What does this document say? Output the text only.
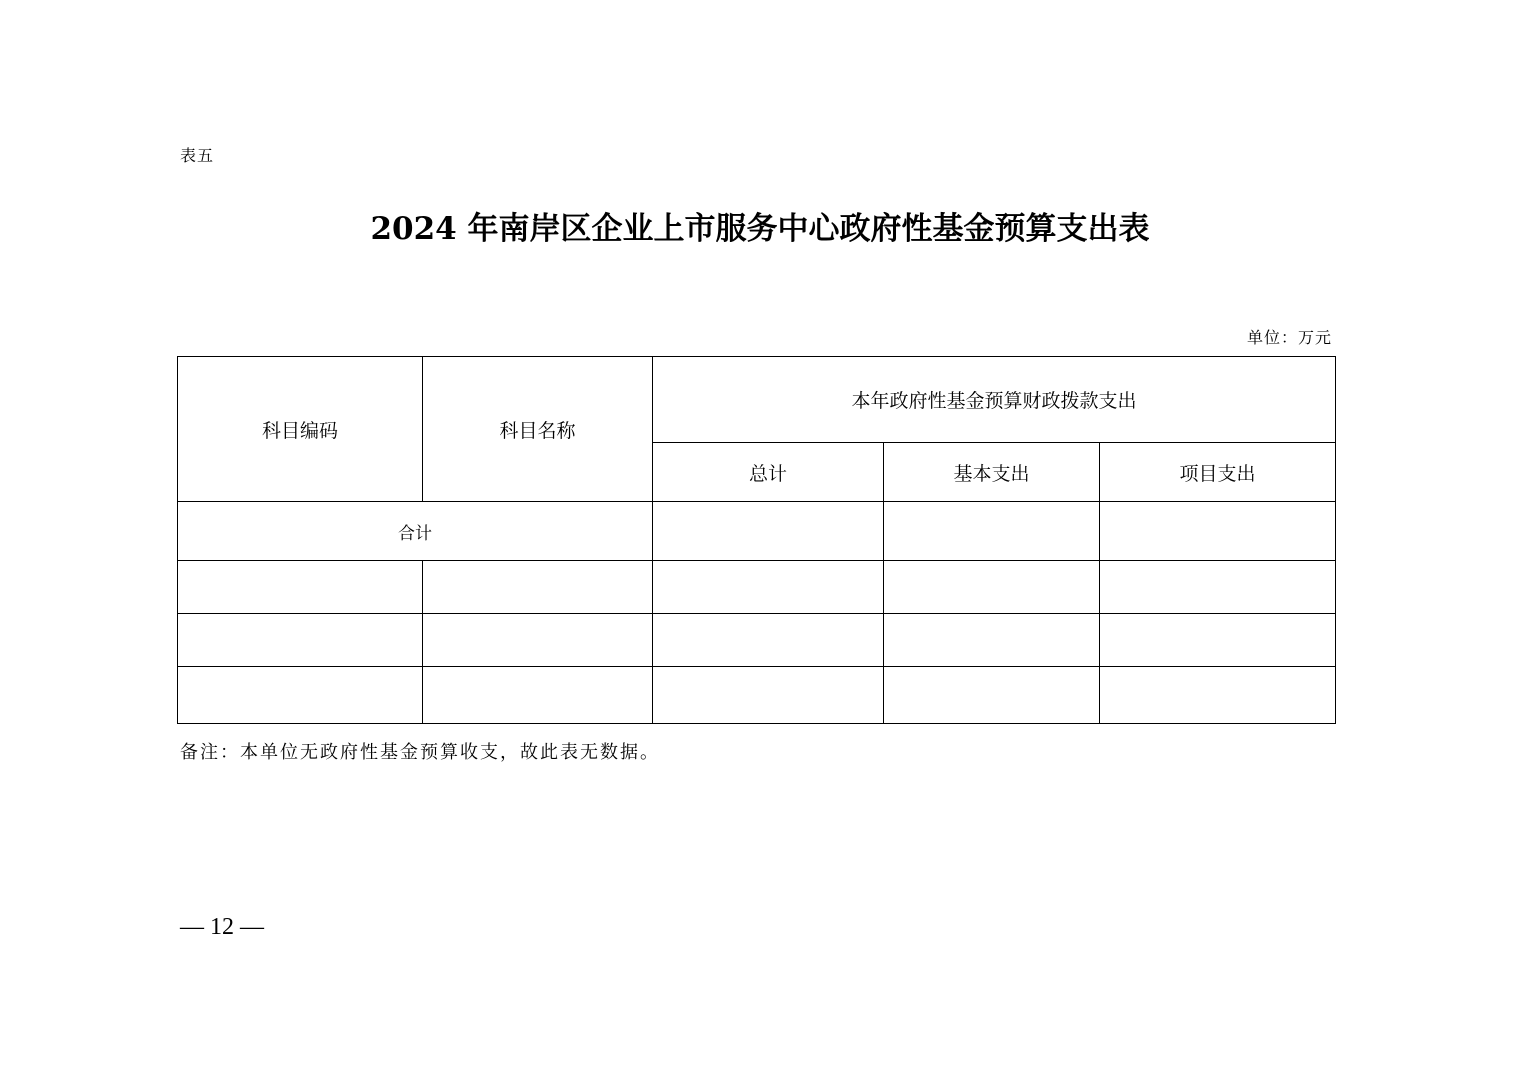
表五
2024 年南岸区企业上市服务中心政府性基金预算支出表
单位：万元
科目编码	科目名称	本年政府性基金预算财政拨款支出		
		总计	基本支出	项目支出
合计				

备注：本单位无政府性基金预算收支，故此表无数据。
— 12 —
